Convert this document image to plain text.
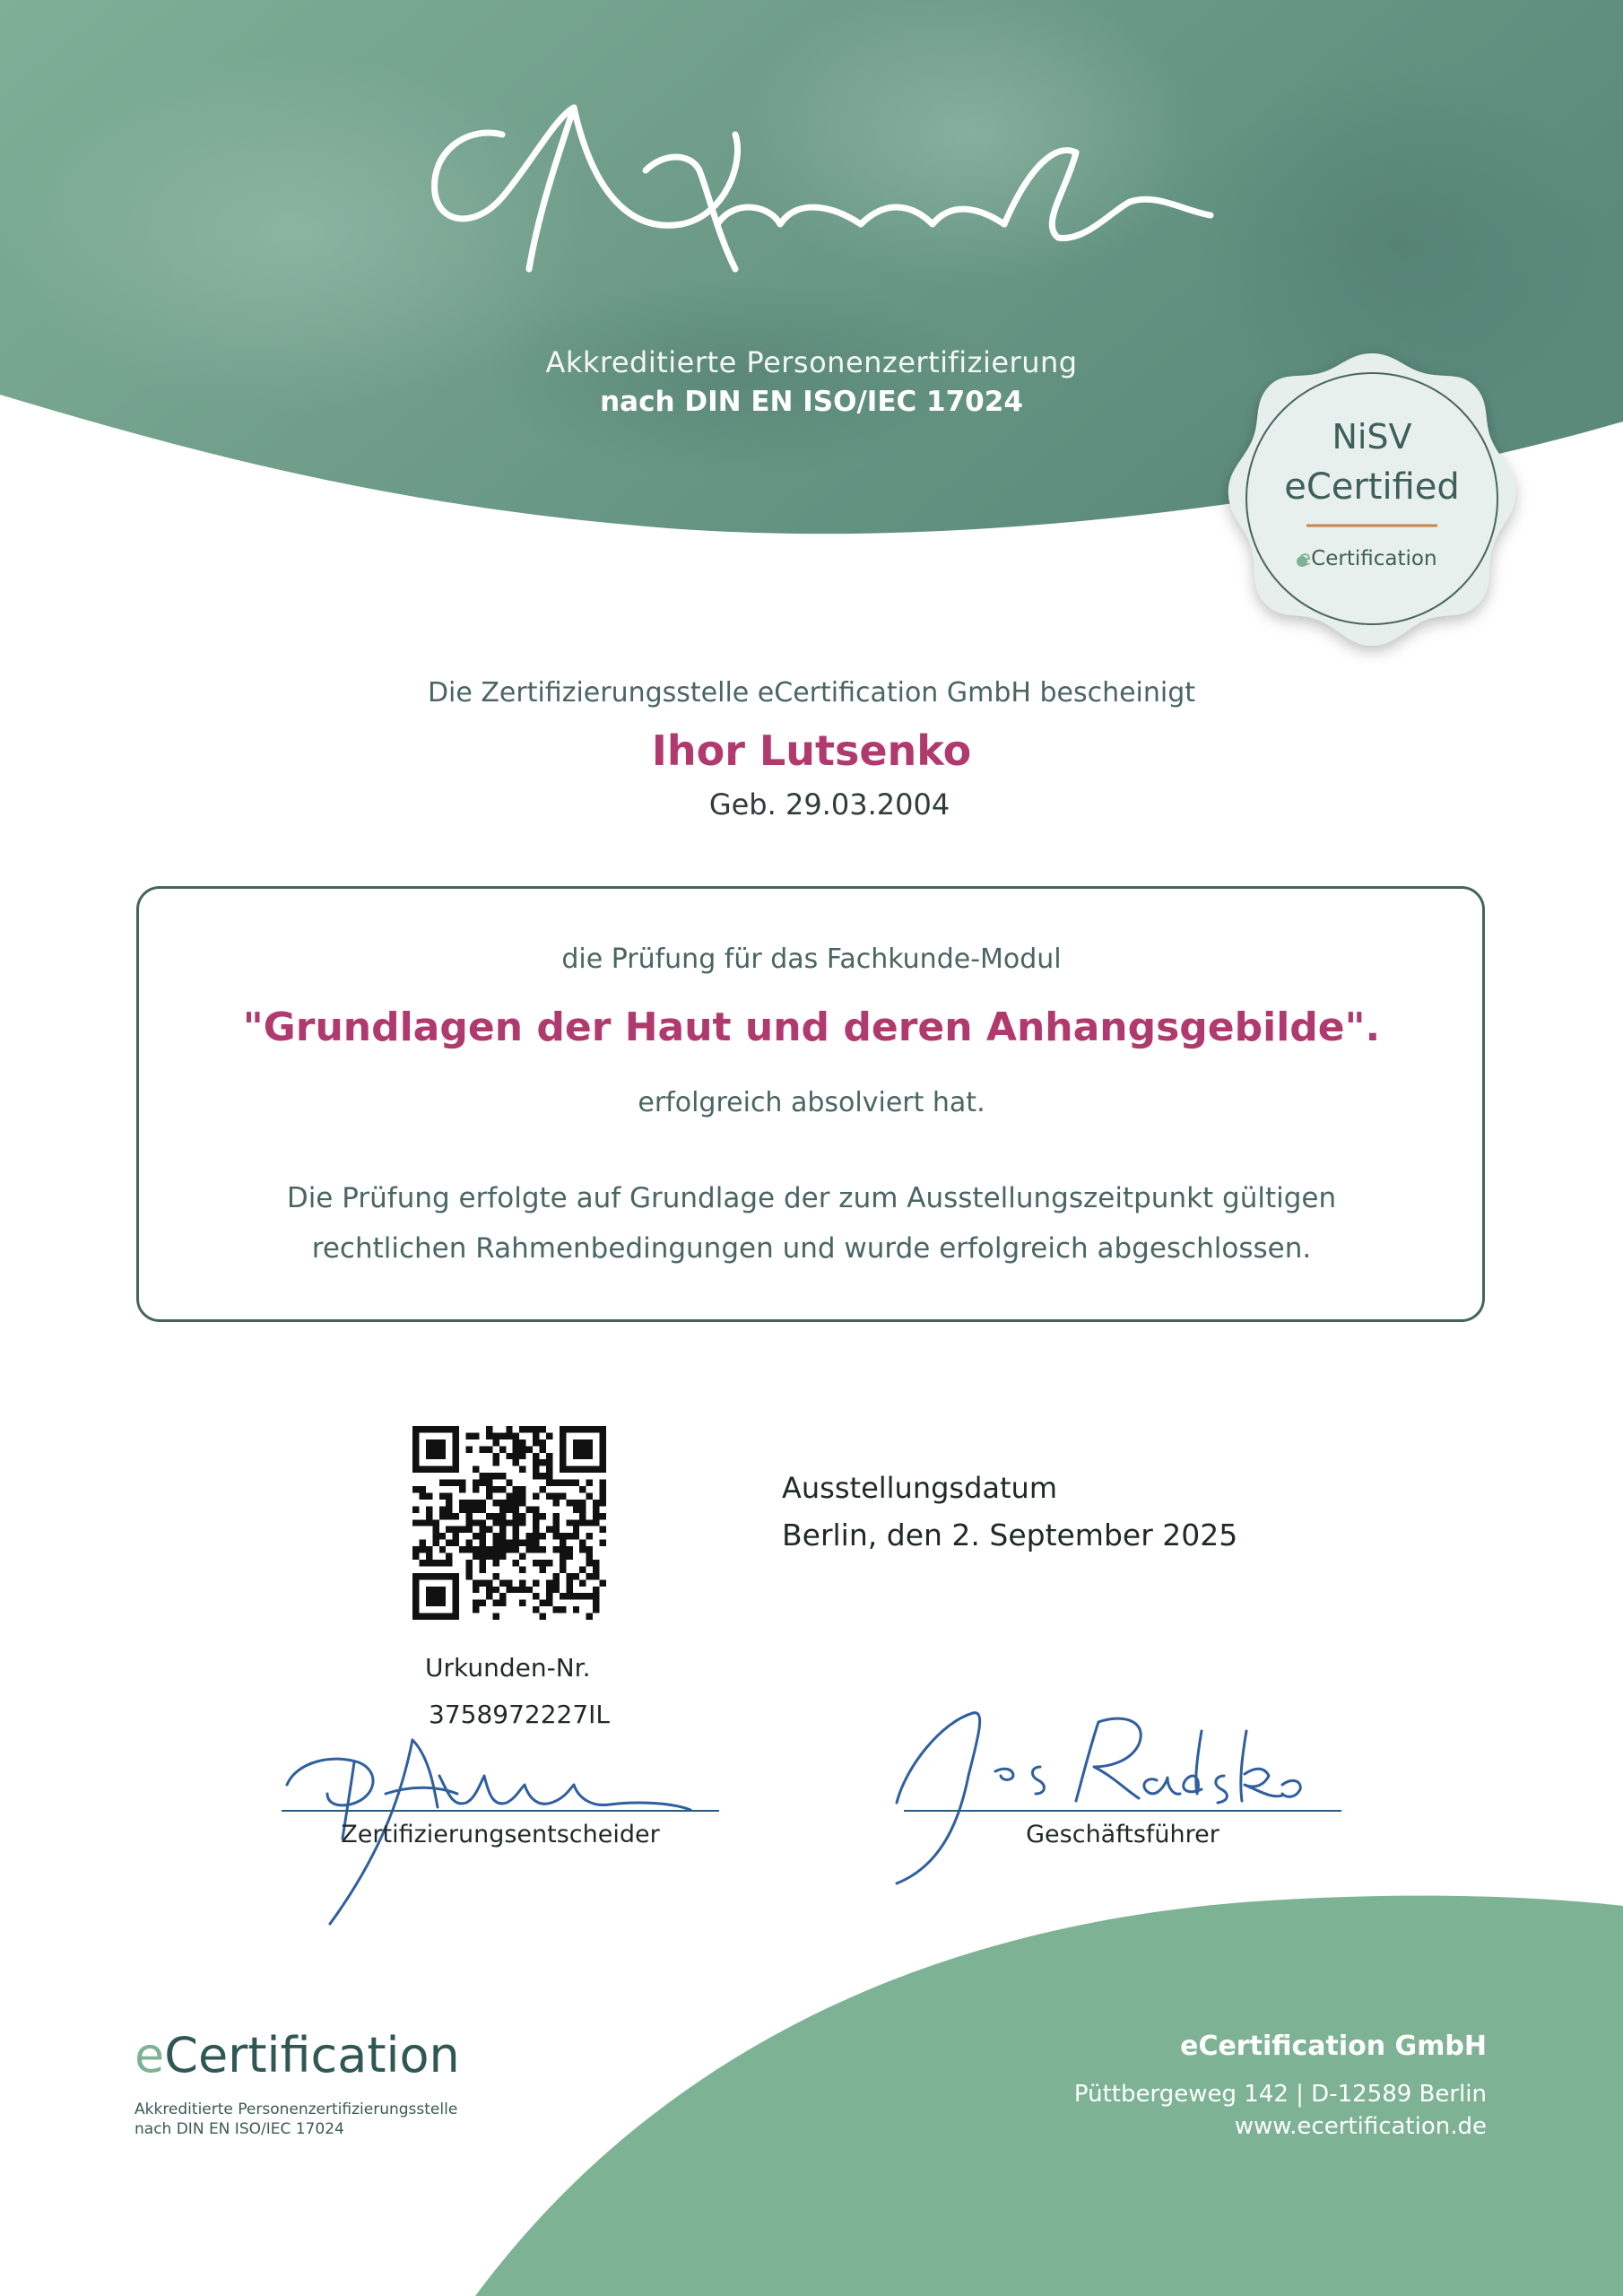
Akkreditierte Personenzertifizierung
nach DIN EN ISO/IEC 17024
NiSV
eCertified
eCertification
Die Zertifizierungsstelle eCertification GmbH bescheinigt
Ihor Lutsenko
Geb. 29.03.2004
die Prüfung für das Fachkunde-Modul
"Grundlagen der Haut und deren Anhangsgebilde".
erfolgreich absolviert hat.
Die Prüfung erfolgte auf Grundlage der zum Ausstellungszeitpunkt gültigen
rechtlichen Rahmenbedingungen und wurde erfolgreich abgeschlossen.
Ausstellungsdatum
Berlin, den 2. September 2025
Urkunden-Nr.
3758972227IL
Zertifizierungsentscheider	Geschäftsführer
eCertification
Akkreditierte Personenzertifizierungsstelle
nach DIN EN ISO/IEC 17024
eCertification GmbH
Püttbergeweg 142 | D-12589 Berlin
www.ecertification.de
